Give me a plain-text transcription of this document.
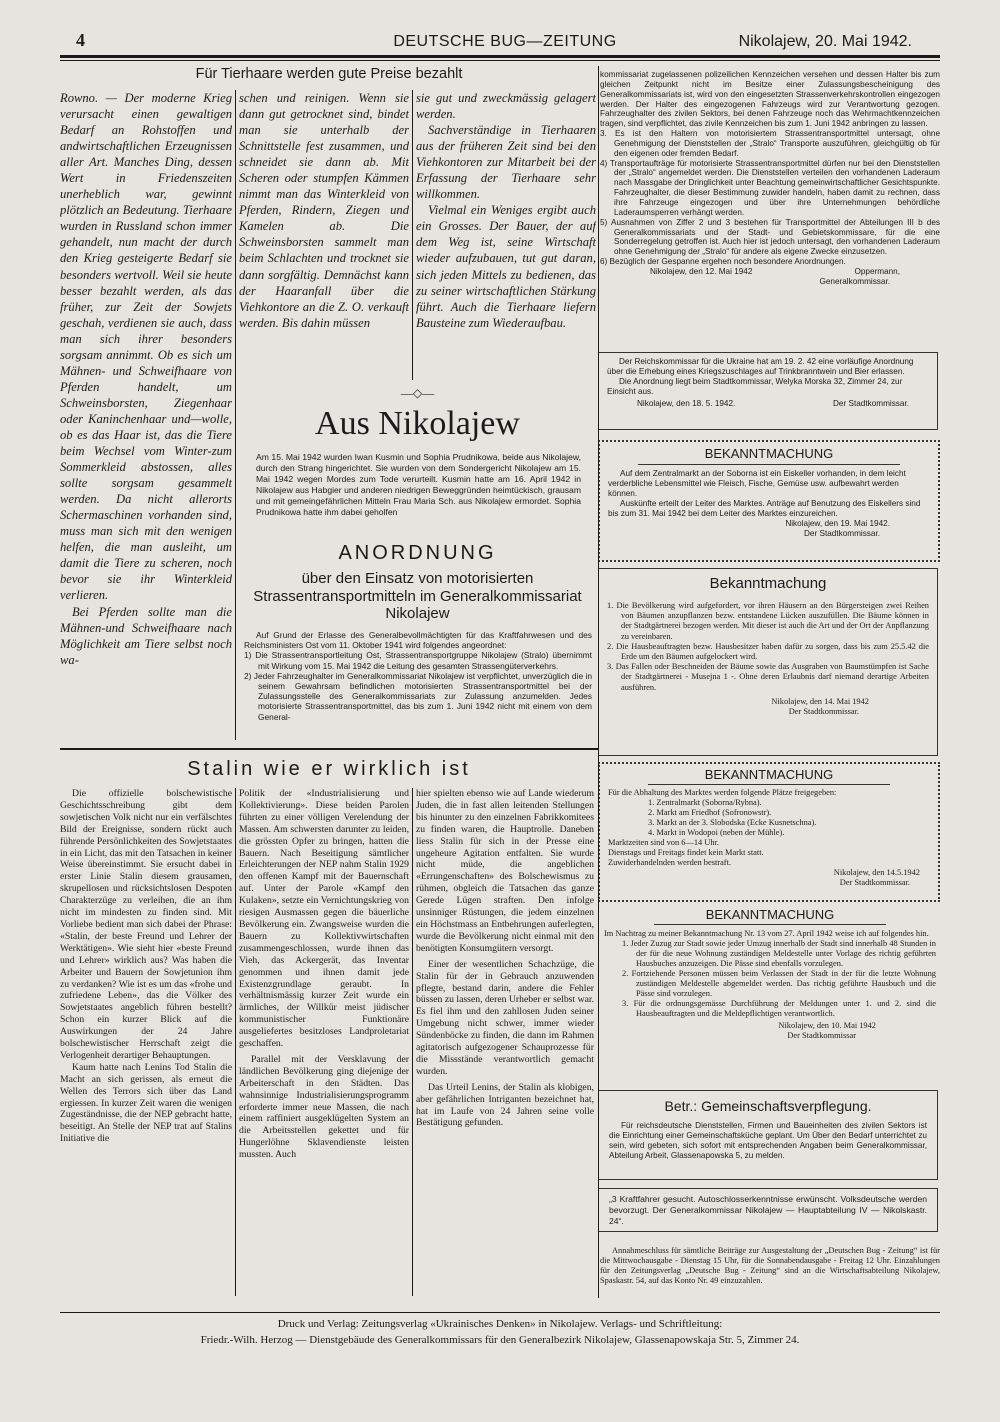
4	DEUTSCHE BUG—ZEITUNG	Nikolajew, 20. Mai 1942.
Für Tierhaare werden gute Preise bezahlt

Rowno. — Der moderne Krieg verursacht einen gewaltigen Bedarf an Rohstoffen und andwirtschaftlichen Erzeugnissen aller Art. Manches Ding, dessen Wert in Friedenszeiten unerheblich war, gewinnt plötzlich an Bedeutung. Tierhaare wurden in Russland schon immer gehandelt, nun macht der durch den Krieg gesteigerte Bedarf sie besonders wertvoll. Weil sie heute besser bezahlt werden, als das früher, zur Zeit der Sowjets geschah, verdienen sie auch, dass man sich ihrer besonders sorgsam annimmt. Ob es sich um Mähnen- und Schweifhaare von Pferden handelt, um Schweinsborsten, Ziegenhaar oder Kaninchenhaar und—wolle, ob es das Haar ist, das die Tiere beim Wechsel vom Winter-zum Sommerkleid abstossen, alles sollte sorgsam gesammelt werden. Da nicht allerorts Schermaschinen vorhanden sind, muss man sich mit den wenigen helfen, die man ausleiht, um damit die Tiere zu scheren, noch bevor sie ihr Winterkleid verlieren.

Bei Pferden sollte man die Mähnen-und Schweifhaare nach Möglichkeit am Tiere selbst noch wa-

schen und reinigen. Wenn sie dann gut getrocknet sind, bindet man sie unterhalb der Schnittstelle fest zusammen, und schneidet sie dann ab. Mit Scheren oder stumpfen Kämmen nimmt man das Winterkleid von Pferden, Rindern, Ziegen und Kamelen ab. Die Schweinsborsten sammelt man beim Schlachten und trocknet sie dann sorgfältig. Demnächst kann der Haaranfall über die Viehkontore an die Z. O. verkauft werden. Bis dahin müssen

sie gut und zweckmässig gelagert werden.

Sachverständige in Tierhaaren aus der früheren Zeit sind bei den Viehkontoren zur Mitarbeit bei der Erfassung der Tierhaare sehr willkommen.

Vielmal ein Weniges ergibt auch ein Grosses. Der Bauer, der auf dem Weg ist, seine Wirtschaft wieder aufzubauen, tut gut daran, sich jeden Mittels zu bedienen, das zu seiner wirtschaftlichen Stärkung führt. Auch die Tierhaare liefern Bausteine zum Wiederaufbau.

—◇—
Aus Nikolajew
Am 15. Mai 1942 wurden Iwan Kusmin und Sophia Prudnikowa, beide aus Nikolajew, durch den Strang hingerichtet. Sie wurden von dem Sondergericht Nikolajew am 15. Mai 1942 wegen Mordes zum Tode verurteilt. Kusmin hatte am 16. April 1942 in Nikolajew aus Habgier und anderen niedrigen Beweggründen heimtückisch, grausam und mit gemeingefährlichen Mitteln Frau Maria Sch. aus Nikolajew ermordet. Sophia Prudnikowa hatte ihm dabei geholfen
ANORDNUNG
über den Einsatz von motorisierten Strassentransportmitteln im Generalkommissariat Nikolajew

Auf Grund der Erlasse des Generalbevollmächtigten für das Kraftfahrwesen und des Reichsministers Ost vom 11. Oktober 1941 wird folgendes angeordnet:

1) Die Strassentransportleitung Ost, Strassentransportgruppe Nikolajew (Stralo) übernimmt mit Wirkung vom 15. Mai 1942 die Leitung des gesamten Strassengüterverkehrs.

2) Jeder Fahrzeughalter im Generalkommissariat Nikolajew ist verpflichtet, unverzüglich die in seinem Gewahrsam befindlichen motorisierten Strassentransportmittel bei der Zulassungsstelle des Generalkommissariats zur Zulassung anzumelden. Jedes motorisierte Strassentransportmittel, das bis zum 1. Juni 1942 nicht mit einem von dem General-

kommissariat zugelassenen polizeilichen Kennzeichen versehen und dessen Halter bis zum gleichen Zeitpunkt nicht im Besitze einer Zulassungsbescheinigung des Generalkommissariats ist, wird von den eingesetzten Strassenverkehrskontrollen eingezogen werden. Der Halter des eingezogenen Fahrzeugs wird zur Verantwortung gezogen. Fahrzeughalter des zivilen Sektors, bei denen Fahrzeuge noch das Wehrmachtkennzeichen tragen, sind verpflichtet, das zivile Kennzeichen bis zum 1. Juni 1942 anbringen zu lassen.

3. Es ist den Haltern von motorisiertem Strassentransportmittel untersagt, ohne Genehmigung der Dienststellen der „Stralo“ Transporte auszuführen, gleichgültig ob für den eigenen oder fremden Bedarf.

4) Transportaufträge für motorisierte Strassentransportmittel dürfen nur bei den Dienststellen der „Stralo“ angemeldet werden. Die Dienststellen verteilen den vorhandenen Laderaum nach Massgabe der Dringlichkeit unter Beachtung gemeinwirtschaftlicher Gesichtspunkte. Fahrzeughalter, die dieser Bestimmung zuwider handeln, haben damit zu rechnen, dass ihre Fahrzeuge eingezogen und über ihre Unternehmungen behördliche Laderaumsperren verhängt werden.

5) Ausnahmen von Ziffer 2 und 3 bestehen für Transportmittel der Abteilungen III b des Generalkommissariats und der Stadt- und Gebietskommissare, für die eine Sonderregelung getroffen ist. Auch hier ist jedoch untersagt, den vorhandenen Laderaum ohne Genehmigung der „Stralo“ für andere als eigene Zwecke einzusetzen.

6) Bezüglich der Gespanne ergehen noch besondere Anordnungen.

Nikolajew, den 12. Mai 1942	Oppermann,
Generalkommissar.

Der Reichskommissar für die Ukraine hat am 19. 2. 42 eine vorläufige Anordnung über die Erhebung eines Kriegszuschlages auf Trinkbranntwein und Bier erlassen.

Die Anordnung liegt beim Stadtkommissar, Welyka Morska 32, Zimmer 24, zur Einsicht aus.

Nikolajew, den 18. 5. 1942.	Der Stadtkommissar.
BEKANNTMACHUNG

Auf dem Zentralmarkt an der Soborna ist ein Eiskeller vorhanden, in dem leicht verderbliche Lebensmittel wie Fleisch, Fische, Gemüse usw. aufbewahrt werden können.

Auskünfte erteilt der Leiter des Marktes. Anträge auf Benutzung des Eiskellers sind bis zum 31. Mai 1942 bei dem Leiter des Marktes einzureichen.

Nikolajew, den 19. Mai 1942.
Der Stadtkommissar.
Bekanntmachung

1. Die Bevölkerung wird aufgefordert, vor ihren Häusern an den Bürgersteigen zwei Reihen von Bäumen anzupflanzen bezw. entstandene Lücken auszufüllen. Die Bäume können in der Stadtgärtnerei bezogen werden. Mit dieser ist auch die Art und der Ort der Anpflanzung zu vereinbaren.

2. Die Hausbeauftragten bezw. Hausbesitzer haben dafür zu sorgen, dass bis zum 25.5.42 die Erde um den Bäumen aufgelockert wird.

3. Das Fallen oder Beschneiden der Bäume sowie das Ausgraben von Baumstümpfen ist Sache der Stadtgärtnerei - Musejna 1 -. Ohne deren Erlaubnis darf niemand derartige Arbeiten ausführen.

Nikolajew, den 14. Mai 1942
Der Stadtkommissar.
BEKANNTMACHUNG

Für die Abhaltung des Marktes werden folgende Plätze freigegeben:

1. Zentralmarkt (Soborna/Rybna).

2. Markt am Friedhof (Sofronowstr).

3. Markt an der 3. Slobodska (Ecke Kusnetschna).

4. Markt in Wodopoi (neben der Mühle).

Marktzeiten sind von 6—14 Uhr.

Dienstags und Freitags findet kein Markt statt.

Zuwiderhandelnden werden bestraft.

Nikolajew, den 14.5.1942
Der Stadtkommissar.
BEKANNTMACHUNG

Im Nachtrag zu meiner Bekanntmachung Nr. 13 vom 27. April 1942 weise ich auf folgendes hin.

1. Jeder Zuzug zur Stadt sowie jeder Umzug innerhalb der Stadt sind innerhalb 48 Stunden in der für die neue Wohnung zuständigen Meldestelle unter Vorlage des richtig geführten Hausbuches anzuzeigen. Die Pässe sind ebenfalls vorzulegen.

2. Fortziehende Personen müssen beim Verlassen der Stadt in der für die letzte Wohnung zuständigen Meldestelle abgemeldet werden. Das richtig geführte Hausbuch und die Pässe sind vorzulegen.

3. Für die ordnungsgemässe Durchführung der Meldungen unter 1. und 2. sind die Hausbeauftragten und die Meldepflichtigen verantwortlich.

Nikolajew, den 10. Mai 1942
Der Stadtkommissar
Betr.: Gemeinschaftsverpflegung.

Für reichsdeutsche Dienststellen, Firmen und Baueinheiten des zivilen Sektors ist die Einrichtung einer Gemeinschaftsküche geplant. Um Über den Bedarf unterrichtet zu sein, wird gebeten, sich sofort mit entsprechenden Angaben beim Generalkommissar, Abteilung Arbeit, Glassenapowska 5, zu melden.

„3 Kraftfahrer gesucht. Autoschlosserkenntnisse erwünscht. Volksdeutsche werden bevorzugt. Der Generalkommissar Nikolajew — Hauptabteilung IV — Nikolskastr. 24“.

Annahmeschluss für sämtliche Beiträge zur Ausgestaltung der „Deutschen Bug - Zeitung“ ist für die Mittwochausgabe - Dienstag 15 Uhr, für die Sonnabendausgabe - Freitag 12 Uhr. Einzahlungen für den Zeitungsverlag „Deutsche Bug - Zeitung“ sind an die Wirtschaftsabteilung Nikolajew, Spaskastr. 54, auf das Konto Nr. 49 einzuzahlen.

Stalin wie er wirklich ist

Die offizielle bolschewistische Geschichtsschreibung gibt dem sowjetischen Volk nicht nur ein verfälschtes Bild der Ereignisse, sondern rückt auch führende Persönlichkeiten des Sowjetstaates in ein Licht, das mit den Tatsachen in keiner Weise übereinstimmt. Sie ersucht dabei in erster Linie Stalin diesem grausamen, skrupellosen und rücksichtslosen Despoten Charakterzüge zu verleihen, die an ihm nicht im mindesten zu finden sind. Mit Vorliebe bedient man sich dabei der Phrase: «Stalin, der beste Freund und Lehrer der Werktätigen». Wie sieht hier «beste Freund und Lehrer» wirklich aus? Was haben die Arbeiter und Bauern der Sowjetunion ihm zu verdanken? Wie ist es um das «frohe und zufriedene Leben», das die Völker des Sowjetstaates angeblich führen bestellt? Schon ein kurzer Blick auf die Auswirkungen der 24 Jahre bolschewistischer Herrschaft zeigt die Verlogenheit derartiger Behauptungen.

Kaum hatte nach Lenins Tod Stalin die Macht an sich gerissen, als erneut die Wellen des Terrors sich über das Land ergiessen. In kurzer Zeit waren die wenigen Zugeständnisse, die der NEP gebracht hatte, beseitigt. An Stelle der NEP trat auf Stalins Initiative die

Politik der «Industrialisierung und Kollektivierung». Diese beiden Parolen führten zu einer völligen Verelendung der Massen. Am schwersten darunter zu leiden, die grössten Opfer zu bringen, hatten die Bauern. Nach Beseitigung sämtlicher Erleichterungen der NEP nahm Stalin 1929 den offenen Kampf mit der Bauernschaft auf. Unter der Parole «Kampf den Kulaken», setzte ein Vernichtungskrieg von riesigen Ausmassen gegen die bäuerliche Bevölkerung ein. Zwangsweise wurden die Bauern zu Kollektivwirtschaften zusammengeschlossen, wurde ihnen das Vieh, das Ackergerät, das Inventar genommen und ihnen damit jede Existenzgrundlage geraubt. In verhältnismässig kurzer Zeit wurde ein ärmliches, der Willkür meist jüdischer kommunistischer Funktionäre ausgeliefertes besitzloses Landproletariat geschaffen.

Parallel mit der Versklavung der ländlichen Bevölkerung ging diejenige der Arbeiterschaft in den Städten. Das wahnsinnige Industrialisierungsprogramm erforderte immer neue Massen, die nach einem raffiniert ausgeklügelten System an die Arbeitsstellen gekettet und für Hungerlöhne Sklavendienste leisten mussten. Auch

hier spielten ebenso wie auf Lande wiederum Juden, die in fast allen leitenden Stellungen bis hinunter zu den einzelnen Fabrikkomitees zu finden waren, die Hauptrolle. Daneben liess Stalin für sich in der Presse eine ungeheure Agitation entfalten. Sie wurde nicht müde, die angeblichen «Errungenschaften» des Bolschewismus zu rühmen, obgleich die Tatsachen das ganze Gerede Lügen straften. Den infolge unsinniger Rüstungen, die jedem einzelnen ein Höchstmass an Entbehrungen auferlegten, wurde die Bevölkerung nicht einmal mit den benötigten Konsumgütern versorgt.

Einer der wesentlichen Schachzüge, die Stalin für der in Gebrauch anzuwenden pflegte, bestand darin, andere die Fehler büssen zu lassen, deren Urheber er selbst war. Es fiel ihm und den zahllosen Juden seiner Umgebung nicht schwer, immer wieder Sündenböcke zu finden, die dann im Rahmen agitatorisch aufgezogener Schauprozesse für die Missstände verantwortlich gemacht wurden.

Das Urteil Lenins, der Stalin als klobigen, aber gefährlichen Intriganten bezeichnet hat, hat im Laufe von 24 Jahren seine volle Bestätigung gefunden.

Druck und Verlag: Zeitungsverlag «Ukrainisches Denken» in Nikolajew. Verlags- und Schriftleitung:
Friedr.-Wilh. Herzog — Dienstgebäude des Generalkommissars für den Generalbezirk Nikolajew, Glassenapowskaja Str. 5, Zimmer 24.
